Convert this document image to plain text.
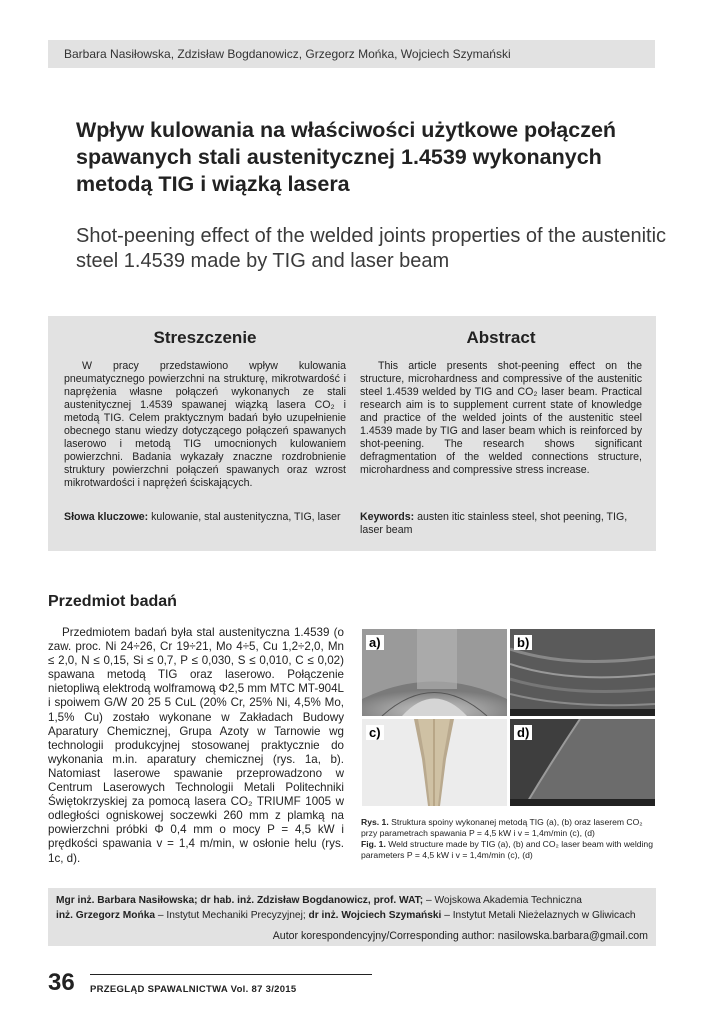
Barbara Nasiłowska, Zdzisław Bogdanowicz, Grzegorz Mońka, Wojciech Szymański
Wpływ kulowania na właściwości użytkowe połączeń spawanych stali austenitycznej 1.4539 wykonanych metodą TIG i wiązką lasera
Shot-peening effect of the welded joints properties of the austenitic steel 1.4539 made by TIG and laser beam
Streszczenie

W pracy przedstawiono wpływ kulowania pneumatycznego powierzchni na strukturę, mikrotwardość i naprężenia własne połączeń wykonanych ze stali austenitycznej 1.4539 spawanej wiązką lasera CO₂ i metodą TIG. Celem praktycznym badań było uzupełnienie obecnego stanu wiedzy dotyczącego połączeń spawanych laserowo i metodą TIG umocnionych kulowaniem powierzchni. Badania wykazały znaczne rozdrobnienie struktury powierzchni połączeń spawanych oraz wzrost mikrotwardości i naprężeń ściskających.

Abstract

This article presents shot-peening effect on the structure, microhardness and compressive of the austenitic steel 1.4539 welded by TIG and CO₂ laser beam. Practical research aim is to supplement current state of knowledge and practice of the welded joints of the austenitic steel 1.4539 made by TIG and laser beam which is reinforced by shot-peening. The research shows significant defragmentation of the welded connections structure, microhardness and compressive stress increase.

Słowa kluczowe: kulowanie, stal austenityczna, TIG, laser	Keywords: austen itic stainless steel, shot peening, TIG, laser beam
Przedmiot badań

Przedmiotem badań była stal austenityczna 1.4539 (o zaw. proc. Ni 24÷26, Cr 19÷21, Mo 4÷5, Cu 1,2÷2,0, Mn ≤ 2,0, N ≤ 0,15, Si ≤ 0,7, P ≤ 0,030, S ≤ 0,010, C ≤ 0,02) spawana metodą TIG oraz laserowo. Połączenie nietopliwą elektrodą wolframową Φ2,5 mm MTC MT-904L i spoiwem G/W 20 25 5 CuL (20% Cr, 25% Ni, 4,5% Mo, 1,5% Cu) zostało wykonane w Zakładach Budowy Aparatury Chemicznej, Grupa Azoty w Tarnowie wg technologii produkcyjnej stosowanej praktycznie do wykonania m.in. aparatury chemicznej (rys. 1a, b). Natomiast laserowe spawanie przeprowadzono w Centrum Laserowych Technologii Metali Politechniki Świętokrzyskiej za pomocą lasera CO₂ TRIUMF 1005 w odległości ogniskowej soczewki 260 mm z plamką na powierzchni próbki Φ 0,4 mm o mocy P = 4,5 kW i prędkości spawania v = 1,4 m/min, w osłonie helu (rys. 1c, d).

a)	b)
c)	d)
Rys. 1. Struktura spoiny wykonanej metodą TIG (a), (b) oraz laserem CO₂ przy parametrach spawania P = 4,5 kW i v = 1,4m/min (c), (d)
Fig. 1. Weld structure made by TIG (a), (b) and CO₂ laser beam with welding parameters P = 4,5 kW i v = 1,4m/min (c), (d)
Mgr inż. Barbara Nasiłowska; dr hab. inż. Zdzisław Bogdanowicz, prof. WAT; – Wojskowa Akademia Techniczna
inż. Grzegorz Mońka – Instytut Mechaniki Precyzyjnej; dr inż. Wojciech Szymański – Instytut Metali Nieżelaznych w Gliwicach
Autor korespondencyjny/Corresponding author: nasilowska.barbara@gmail.com
36 PRZEGLĄD SPAWALNICTWA Vol. 87 3/2015
